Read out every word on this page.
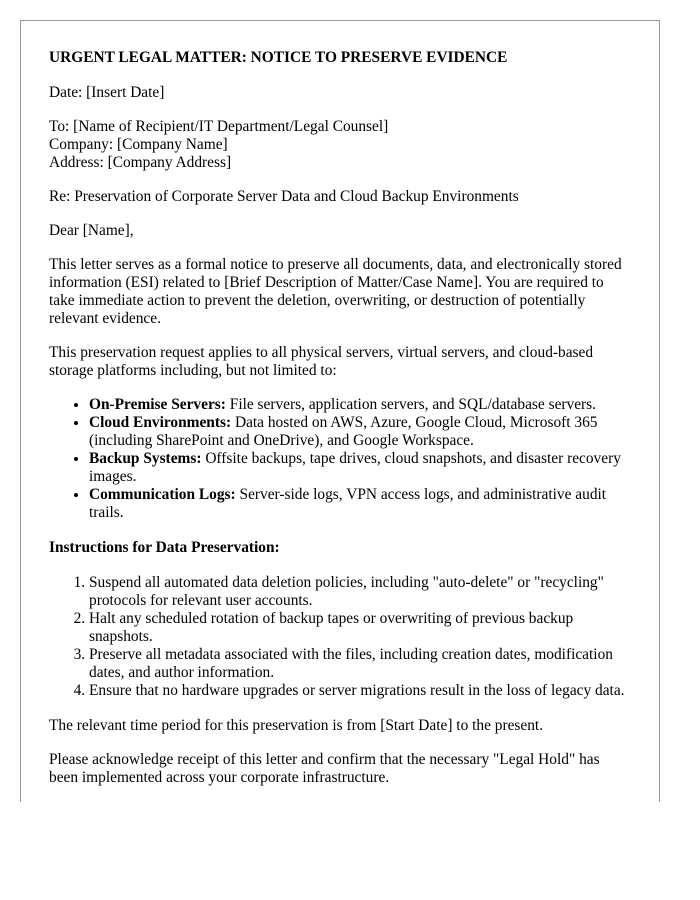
URGENT LEGAL MATTER: NOTICE TO PRESERVE EVIDENCE

Date: [Insert Date]

To: [Name of Recipient/IT Department/Legal Counsel]
Company: [Company Name]
Address: [Company Address]

Re: Preservation of Corporate Server Data and Cloud Backup Environments

Dear [Name],

This letter serves as a formal notice to preserve all documents, data, and electronically stored information (ESI) related to [Brief Description of Matter/Case Name]. You are required to take immediate action to prevent the deletion, overwriting, or destruction of potentially relevant evidence.

This preservation request applies to all physical servers, virtual servers, and cloud-based storage platforms including, but not limited to:

• On-Premise Servers: File servers, application servers, and SQL/database servers.
• Cloud Environments: Data hosted on AWS, Azure, Google Cloud, Microsoft 365 (including SharePoint and OneDrive), and Google Workspace.
• Backup Systems: Offsite backups, tape drives, cloud snapshots, and disaster recovery images.
• Communication Logs: Server-side logs, VPN access logs, and administrative audit trails.
Instructions for Data Preservation:
1. Suspend all automated data deletion policies, including "auto-delete" or "recycling" protocols for relevant user accounts.
2. Halt any scheduled rotation of backup tapes or overwriting of previous backup snapshots.
3. Preserve all metadata associated with the files, including creation dates, modification dates, and author information.
4. Ensure that no hardware upgrades or server migrations result in the loss of legacy data.

The relevant time period for this preservation is from [Start Date] to the present.

Please acknowledge receipt of this letter and confirm that the necessary "Legal Hold" has been implemented across your corporate infrastructure.
